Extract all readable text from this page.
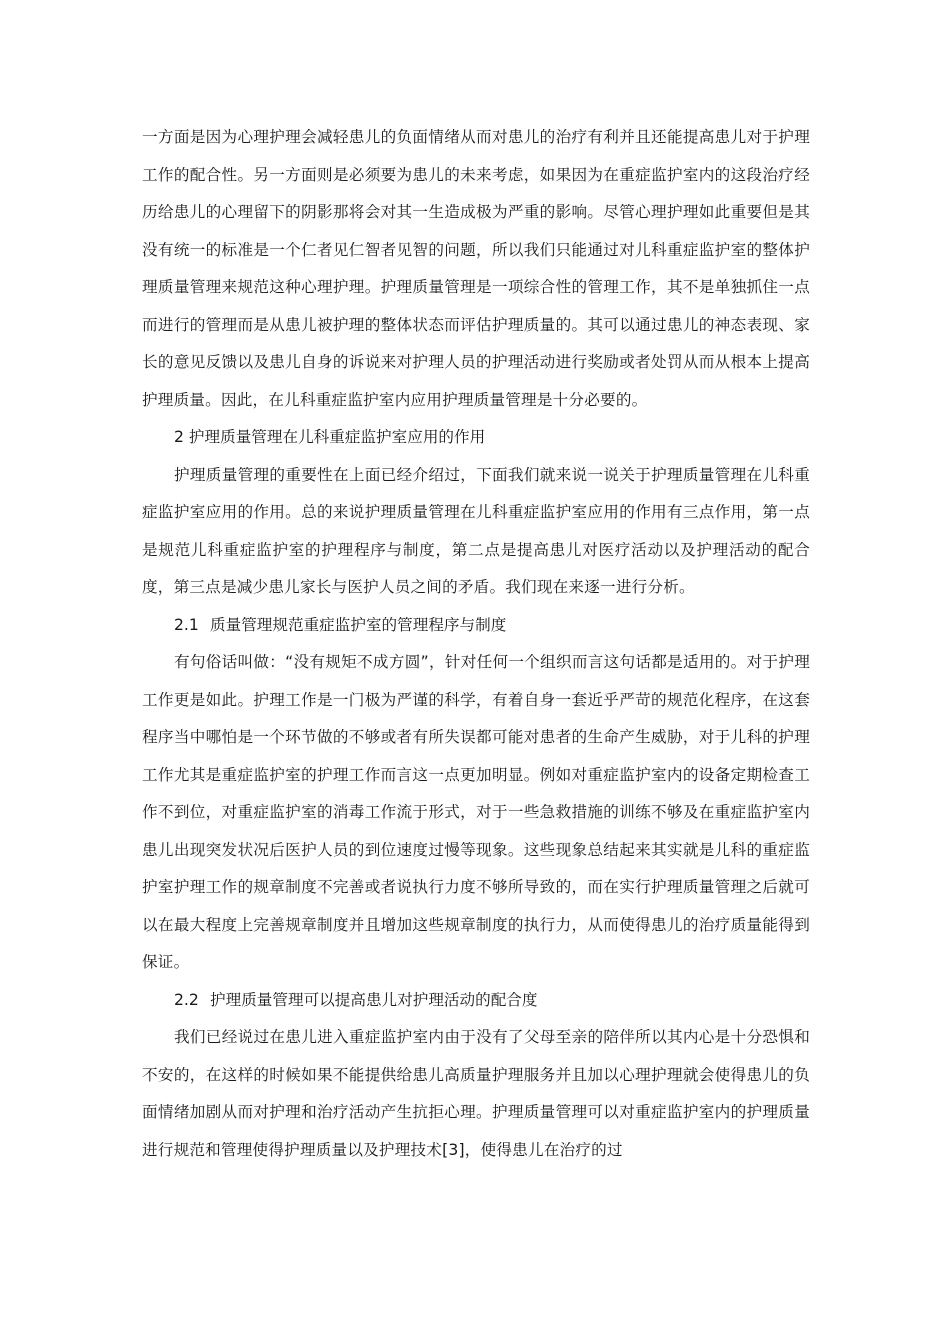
一方面是因为心理护理会减轻患儿的负面情绪从而对患儿的治疗有利并且还能提高患儿对于护理工作的配合性。另一方面则是必须要为患儿的未来考虑，如果因为在重症监护室内的这段治疗经历给患儿的心理留下的阴影那将会对其一生造成极为严重的影响。尽管心理护理如此重要但是其没有统一的标准是一个仁者见仁智者见智的问题，所以我们只能通过对儿科重症监护室的整体护理质量管理来规范这种心理护理。护理质量管理是一项综合性的管理工作，其不是单独抓住一点而进行的管理而是从患儿被护理的整体状态而评估护理质量的。其可以通过患儿的神态表现、家长的意见反馈以及患儿自身的诉说来对护理人员的护理活动进行奖励或者处罚从而从根本上提高护理质量。因此，在儿科重症监护室内应用护理质量管理是十分必要的。

2 护理质量管理在儿科重症监护室应用的作用

护理质量管理的重要性在上面已经介绍过，下面我们就来说一说关于护理质量管理在儿科重症监护室应用的作用。总的来说护理质量管理在儿科重症监护室应用的作用有三点作用，第一点是规范儿科重症监护室的护理程序与制度，第二点是提高患儿对医疗活动以及护理活动的配合度，第三点是减少患儿家长与医护人员之间的矛盾。我们现在来逐一进行分析。

2.1 质量管理规范重症监护室的管理程序与制度

有句俗话叫做：“没有规矩不成方圆”，针对任何一个组织而言这句话都是适用的。对于护理工作更是如此。护理工作是一门极为严谨的科学，有着自身一套近乎严苛的规范化程序，在这套程序当中哪怕是一个环节做的不够或者有所失误都可能对患者的生命产生威胁，对于儿科的护理工作尤其是重症监护室的护理工作而言这一点更加明显。例如对重症监护室内的设备定期检查工作不到位，对重症监护室的消毒工作流于形式，对于一些急救措施的训练不够及在重症监护室内患儿出现突发状况后医护人员的到位速度过慢等现象。这些现象总结起来其实就是儿科的重症监护室护理工作的规章制度不完善或者说执行力度不够所导致的，而在实行护理质量管理之后就可以在最大程度上完善规章制度并且增加这些规章制度的执行力，从而使得患儿的治疗质量能得到保证。

2.2 护理质量管理可以提高患儿对护理活动的配合度

我们已经说过在患儿进入重症监护室内由于没有了父母至亲的陪伴所以其内心是十分恐惧和不安的，在这样的时候如果不能提供给患儿高质量护理服务并且加以心理护理就会使得患儿的负面情绪加剧从而对护理和治疗活动产生抗拒心理。护理质量管理可以对重症监护室内的护理质量进行规范和管理使得护理质量以及护理技术[3]，使得患儿在治疗的过
